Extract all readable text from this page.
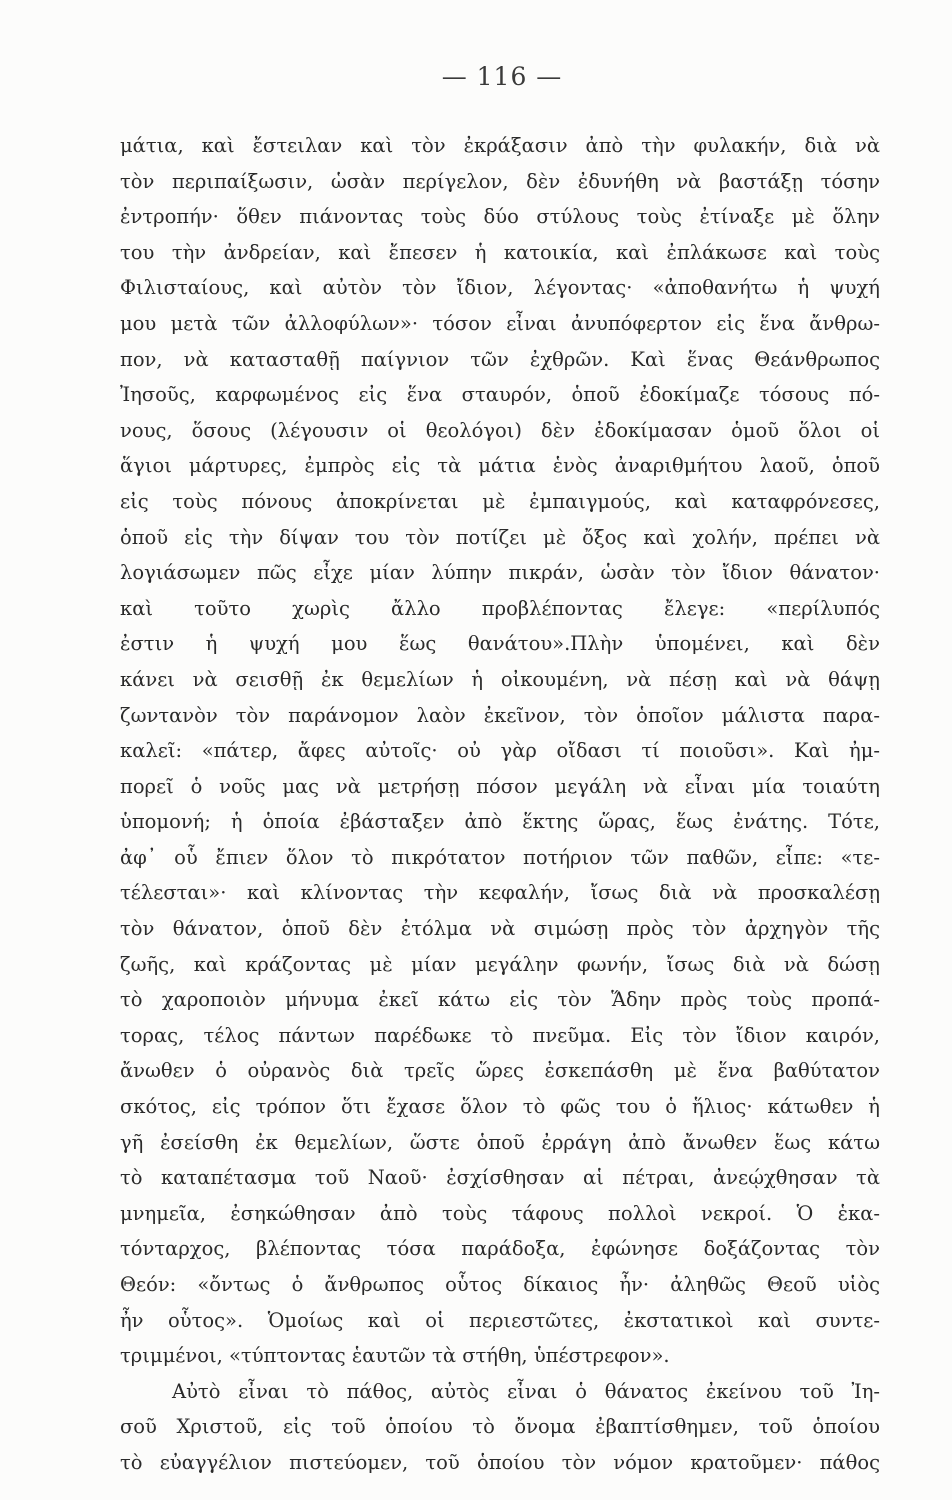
— 116 —
μάτια, καὶ ἔστειλαν καὶ τὸν ἐκράξασιν ἀπὸ τὴν φυλακήν, διὰ νὰ
τὸν περιπαίξωσιν, ὡσὰν περίγελον, δὲν ἐδυνήθη νὰ βαστάξῃ τόσην
ἐντροπήν· ὅθεν πιάνοντας τοὺς δύο στύλους τοὺς ἐτίναξε μὲ ὅλην
του τὴν ἀνδρείαν, καὶ ἔπεσεν ἡ κατοικία, καὶ ἐπλάκωσε καὶ τοὺς
Φιλισταίους, καὶ αὐτὸν τὸν ἴδιον, λέγοντας· «ἀποθανήτω ἡ ψυχή
μου μετὰ τῶν ἀλλοφύλων»· τόσον εἶναι ἀνυπόφερτον εἰς ἕνα ἄνθρω-
πον, νὰ κατασταθῇ παίγνιον τῶν ἐχθρῶν. Καὶ ἕνας Θεάνθρωπος
Ἰησοῦς, καρφωμένος εἰς ἕνα σταυρόν, ὁποῦ ἐδοκίμαζε τόσους πό-
νους, ὅσους (λέγουσιν οἱ θεολόγοι) δὲν ἐδοκίμασαν ὁμοῦ ὅλοι οἱ
ἅγιοι μάρτυρες, ἐμπρὸς εἰς τὰ μάτια ἑνὸς ἀναριθμήτου λαοῦ, ὁποῦ
εἰς τοὺς πόνους ἀποκρίνεται μὲ ἐμπαιγμούς, καὶ καταφρόνεσες,
ὁποῦ εἰς τὴν δίψαν του τὸν ποτίζει μὲ ὄξος καὶ χολήν, πρέπει νὰ
λογιάσωμεν πῶς εἶχε μίαν λύπην πικράν, ὡσὰν τὸν ἴδιον θάνατον·
καὶ τοῦτο χωρὶς ἄλλο προβλέποντας ἔλεγε: «περίλυπός
ἐστιν ἡ ψυχή μου ἕως θανάτου».Πλὴν ὑπομένει, καὶ δὲν
κάνει νὰ σεισθῇ ἐκ θεμελίων ἡ οἰκουμένη, νὰ πέσῃ καὶ νὰ θάψῃ
ζωντανὸν τὸν παράνομον λαὸν ἐκεῖνον, τὸν ὁποῖον μάλιστα παρα-
καλεῖ: «πάτερ, ἄφες αὐτοῖς· οὐ γὰρ οἴδασι τί ποιοῦσι». Καὶ ἠμ-
πορεῖ ὁ νοῦς μας νὰ μετρήσῃ πόσον μεγάλη νὰ εἶναι μία τοιαύτη
ὑπομονή; ἡ ὁποία ἐβάσταξεν ἀπὸ ἕκτης ὥρας, ἕως ἐνάτης. Τότε,
ἀφ᾽ οὗ ἔπιεν ὅλον τὸ πικρότατον ποτήριον τῶν παθῶν, εἶπε: «τε-
τέλεσται»· καὶ κλίνοντας τὴν κεφαλήν, ἴσως διὰ νὰ προσκαλέσῃ
τὸν θάνατον, ὁποῦ δὲν ἐτόλμα νὰ σιμώσῃ πρὸς τὸν ἀρχηγὸν τῆς
ζωῆς, καὶ κράζοντας μὲ μίαν μεγάλην φωνήν, ἴσως διὰ νὰ δώσῃ
τὸ χαροποιὸν μήνυμα ἐκεῖ κάτω εἰς τὸν Ἅδην πρὸς τοὺς προπά-
τορας, τέλος πάντων παρέδωκε τὸ πνεῦμα. Εἰς τὸν ἴδιον καιρόν,
ἄνωθεν ὁ οὐρανὸς διὰ τρεῖς ὥρες ἐσκεπάσθη μὲ ἕνα βαθύτατον
σκότος, εἰς τρόπον ὅτι ἔχασε ὅλον τὸ φῶς του ὁ ἥλιος· κάτωθεν ἡ
γῆ ἐσείσθη ἐκ θεμελίων, ὥστε ὁποῦ ἐρράγη ἀπὸ ἄνωθεν ἕως κάτω
τὸ καταπέτασμα τοῦ Ναοῦ· ἐσχίσθησαν αἱ πέτραι, ἀνεῴχθησαν τὰ
μνημεῖα, ἐσηκώθησαν ἀπὸ τοὺς τάφους πολλοὶ νεκροί. Ὁ ἑκα-
τόνταρχος, βλέποντας τόσα παράδοξα, ἐφώνησε δοξάζοντας τὸν
Θεόν: «ὄντως ὁ ἄνθρωπος οὗτος δίκαιος ἦν· ἀληθῶς Θεοῦ υἱὸς
ἦν οὗτος». Ὁμοίως καὶ οἱ περιεστῶτες, ἐκστατικοὶ καὶ συντε-
τριμμένοι, «τύπτοντας ἑαυτῶν τὰ στήθη, ὑπέστρεφον».
Αὐτὸ εἶναι τὸ πάθος, αὐτὸς εἶναι ὁ θάνατος ἐκείνου τοῦ Ἰη-
σοῦ Χριστοῦ, εἰς τοῦ ὁποίου τὸ ὄνομα ἐβαπτίσθημεν, τοῦ ὁποίου
τὸ εὐαγγέλιον πιστεύομεν, τοῦ ὁποίου τὸν νόμον κρατοῦμεν· πάθος
